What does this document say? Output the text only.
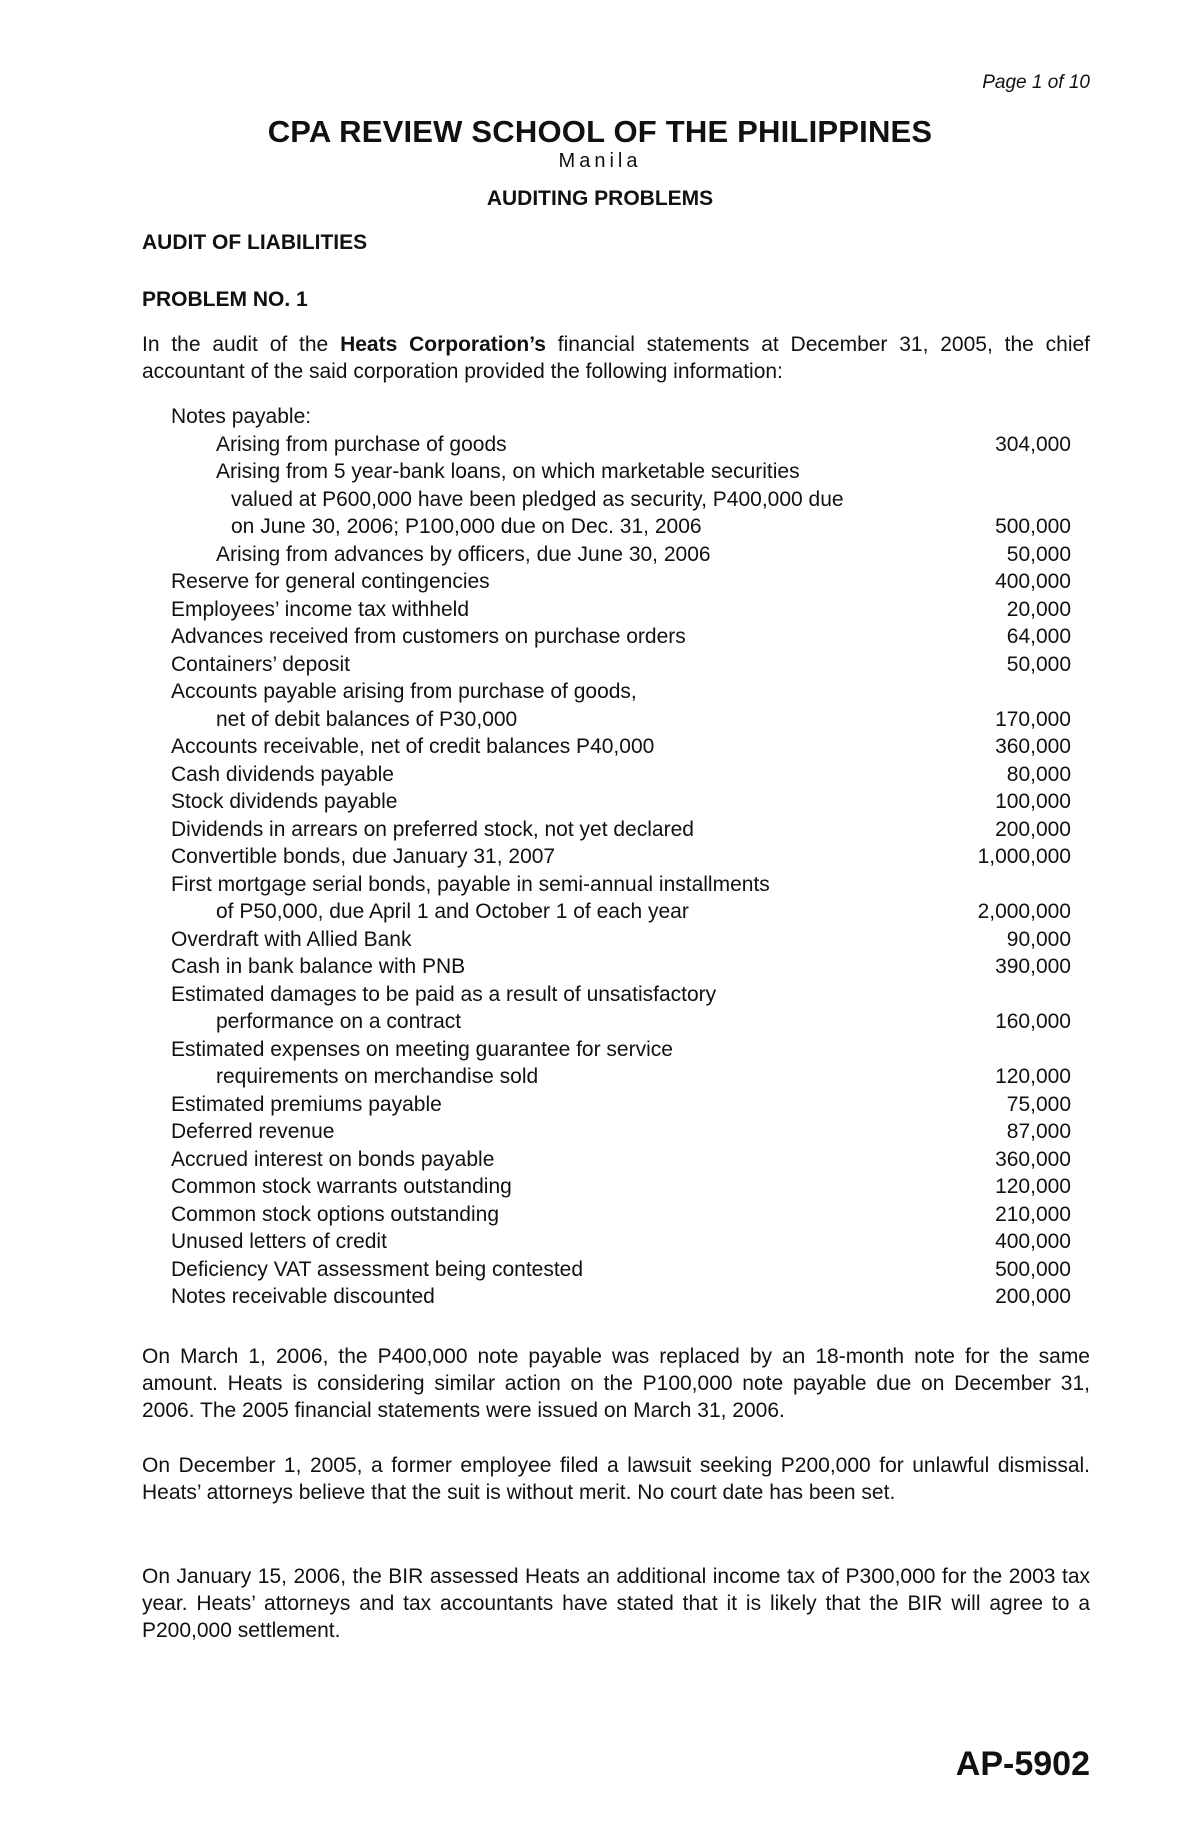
Page 1 of 10
CPA REVIEW SCHOOL OF THE PHILIPPINES
Manila
AUDITING PROBLEMS
AUDIT OF LIABILITIES
PROBLEM NO. 1
In the audit of the Heats Corporation’s financial statements at December 31, 2005, the chief accountant of the said corporation provided the following information:
Notes payable:
Arising from purchase of goods	304,000
Arising from 5 year-bank loans, on which marketable securities
valued at P600,000 have been pledged as security, P400,000 due
on June 30, 2006; P100,000 due on Dec. 31, 2006	500,000
Arising from advances by officers, due June 30, 2006	50,000
Reserve for general contingencies	400,000
Employees’ income tax withheld	20,000
Advances received from customers on purchase orders	64,000
Containers’ deposit	50,000
Accounts payable arising from purchase of goods,
net of debit balances of P30,000	170,000
Accounts receivable, net of credit balances P40,000	360,000
Cash dividends payable	80,000
Stock dividends payable	100,000
Dividends in arrears on preferred stock, not yet declared	200,000
Convertible bonds, due January 31, 2007	1,000,000
First mortgage serial bonds, payable in semi-annual installments
of P50,000, due April 1 and October 1 of each year	2,000,000
Overdraft with Allied Bank	90,000
Cash in bank balance with PNB	390,000
Estimated damages to be paid as a result of unsatisfactory
performance on a contract	160,000
Estimated expenses on meeting guarantee for service
requirements on merchandise sold	120,000
Estimated premiums payable	75,000
Deferred revenue	87,000
Accrued interest on bonds payable	360,000
Common stock warrants outstanding	120,000
Common stock options outstanding	210,000
Unused letters of credit	400,000
Deficiency VAT assessment being contested	500,000
Notes receivable discounted	200,000
On March 1, 2006, the P400,000 note payable was replaced by an 18-month note for the same amount. Heats is considering similar action on the P100,000 note payable due on December 31, 2006. The 2005 financial statements were issued on March 31, 2006.
On December 1, 2005, a former employee filed a lawsuit seeking P200,000 for unlawful dismissal. Heats’ attorneys believe that the suit is without merit. No court date has been set.
On January 15, 2006, the BIR assessed Heats an additional income tax of P300,000 for the 2003 tax year. Heats’ attorneys and tax accountants have stated that it is likely that the BIR will agree to a P200,000 settlement.
AP-5902
